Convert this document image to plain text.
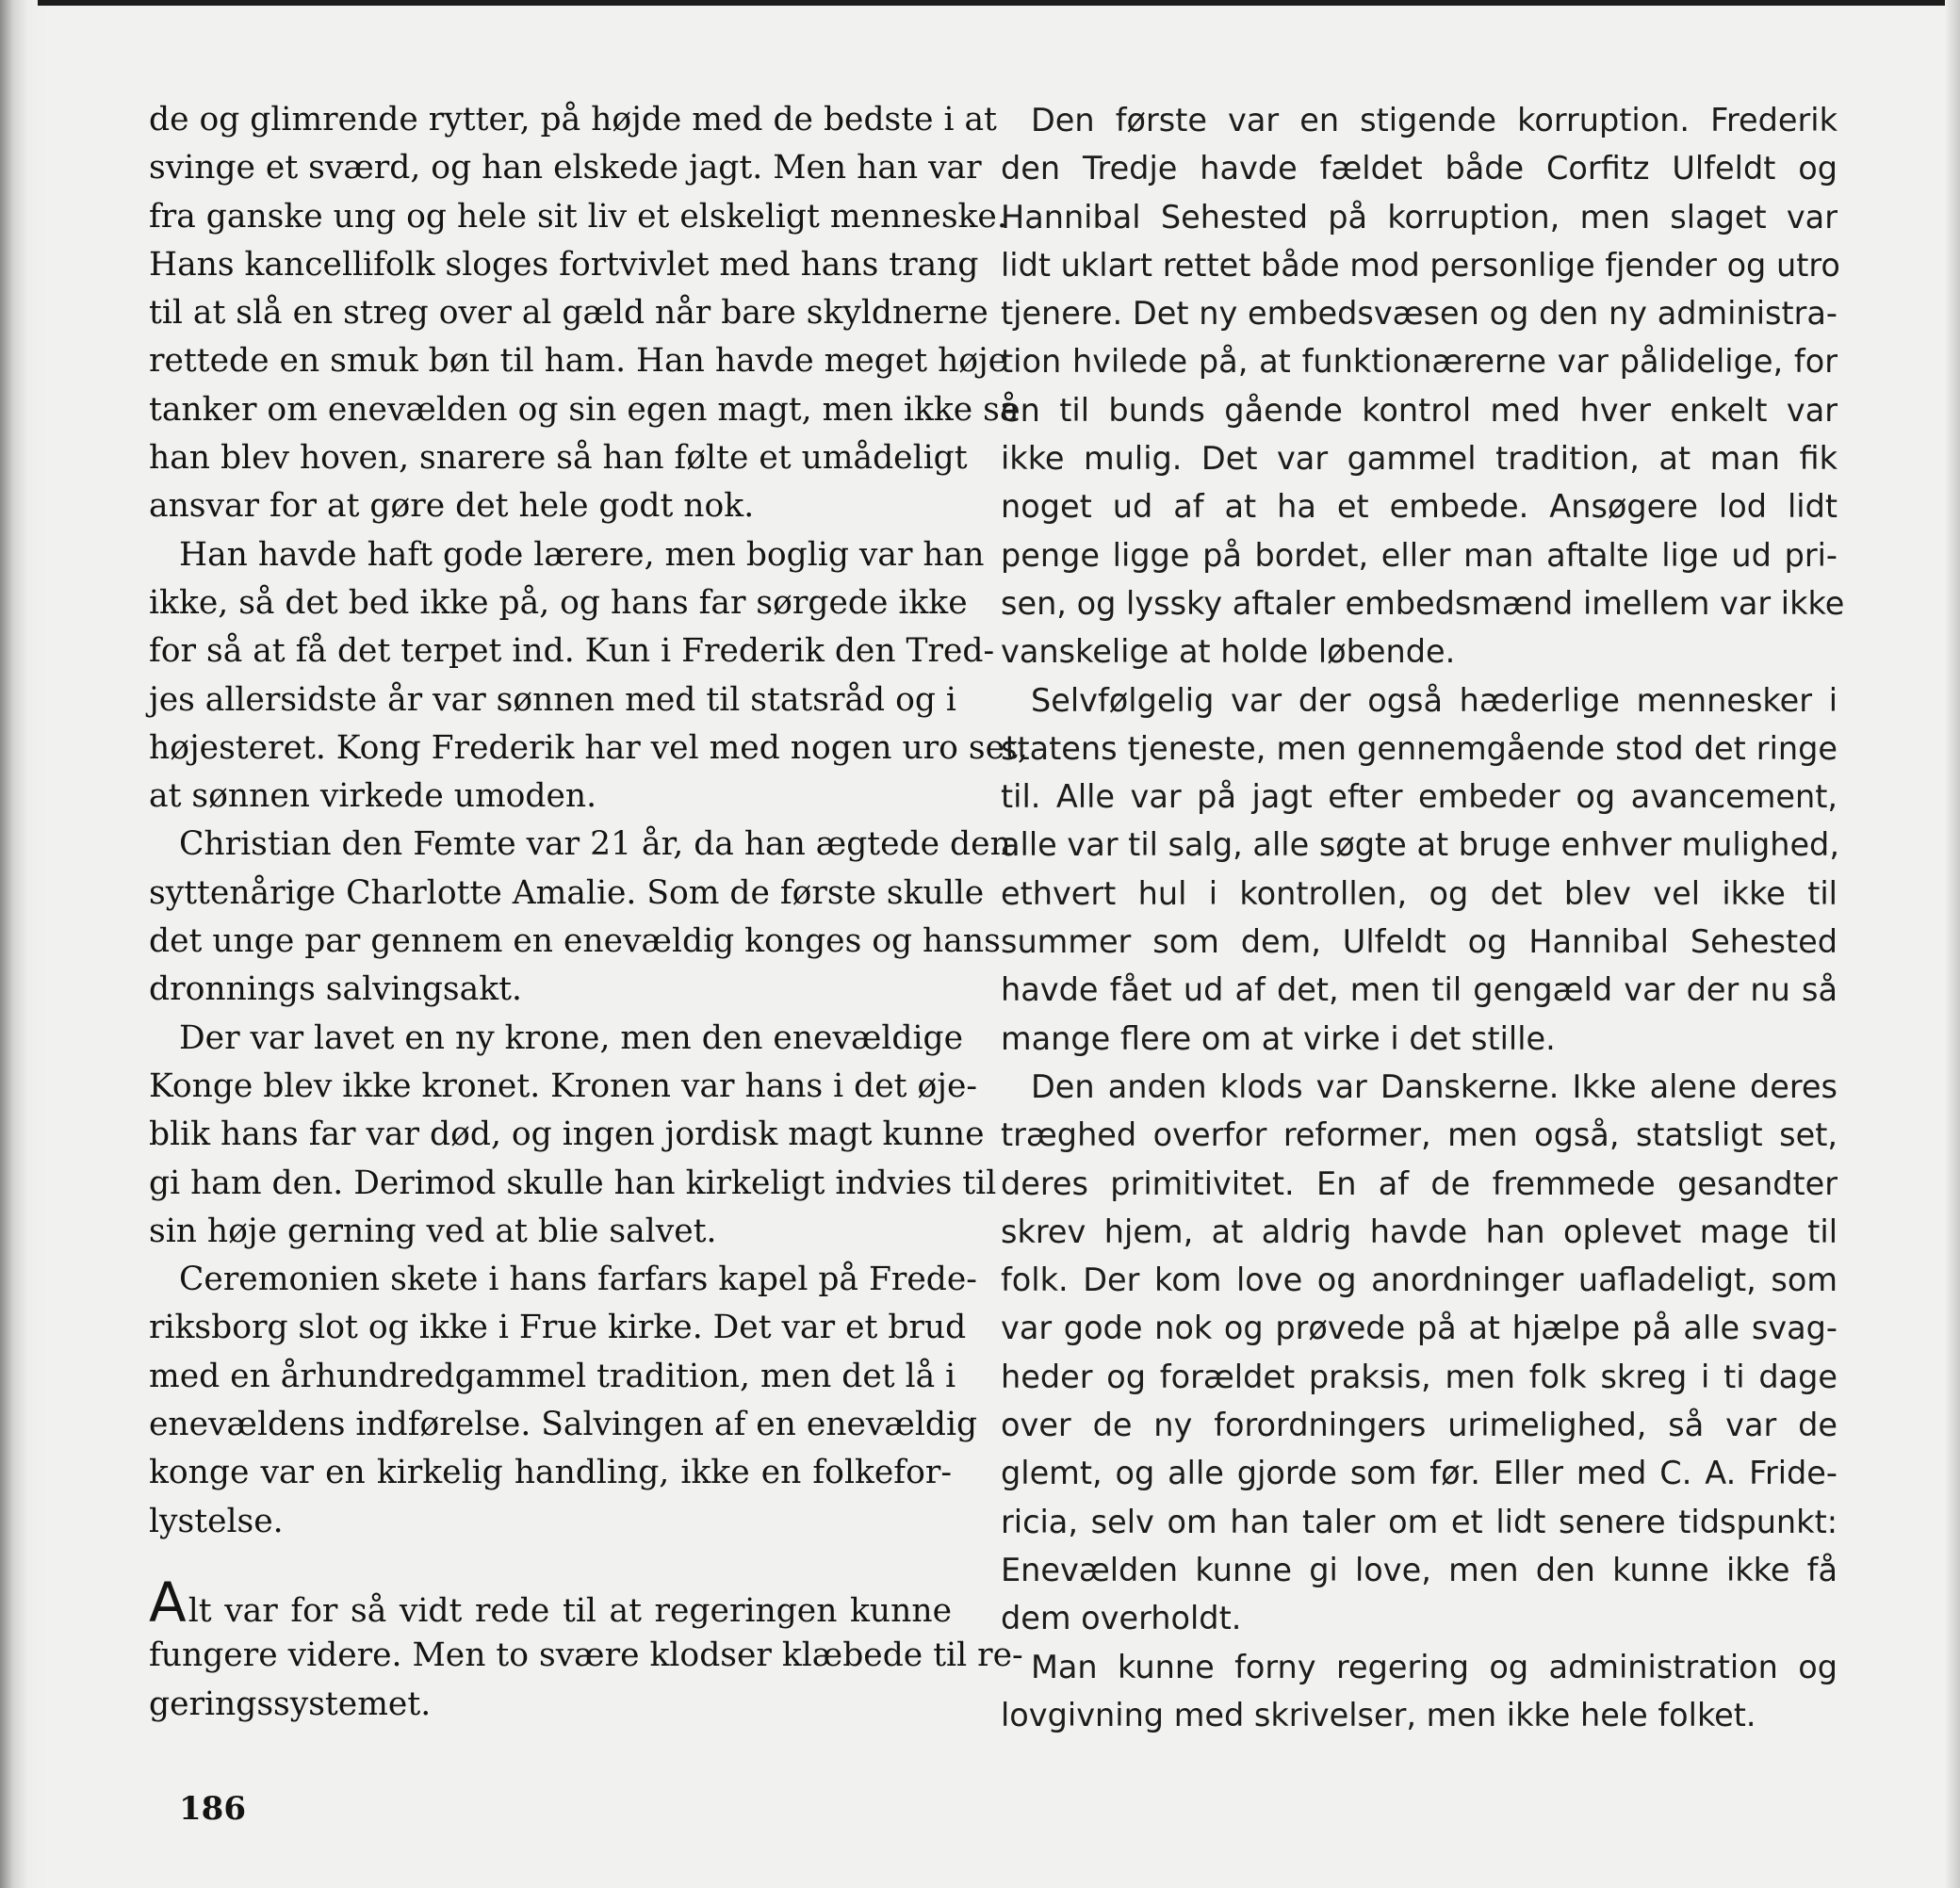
de og glimrende rytter, på højde med de bedste i at
svinge et sværd, og han elskede jagt. Men han var
fra ganske ung og hele sit liv et elskeligt menneske.
Hans kancellifolk sloges fortvivlet med hans trang
til at slå en streg over al gæld når bare skyldnerne
rettede en smuk bøn til ham. Han havde meget høje
tanker om enevælden og sin egen magt, men ikke så
han blev hoven, snarere så han følte et umådeligt
ansvar for at gøre det hele godt nok.
Han havde haft gode lærere, men boglig var han
ikke, så det bed ikke på, og hans far sørgede ikke
for så at få det terpet ind. Kun i Frederik den Tred-
jes allersidste år var sønnen med til statsråd og i
højesteret. Kong Frederik har vel med nogen uro set,
at sønnen virkede umoden.
Christian den Femte var 21 år, da han ægtede den
syttenårige Charlotte Amalie. Som de første skulle
det unge par gennem en enevældig konges og hans
dronnings salvingsakt.
Der var lavet en ny krone, men den enevældige
Konge blev ikke kronet. Kronen var hans i det øje-
blik hans far var død, og ingen jordisk magt kunne
gi ham den. Derimod skulle han kirkeligt indvies til
sin høje gerning ved at blie salvet.
Ceremonien skete i hans farfars kapel på Frede-
riksborg slot og ikke i Frue kirke. Det var et brud
med en århundredgammel tradition, men det lå i
enevældens indførelse. Salvingen af en enevældig
konge var en kirkelig handling, ikke en folkefor-
lystelse.
Alt var for så vidt rede til at regeringen kunne
fungere videre. Men to svære klodser klæbede til re-
geringssystemet.
Den første var en stigende korruption. Frederik
den Tredje havde fældet både Corfitz Ulfeldt og
Hannibal Sehested på korruption, men slaget var
lidt uklart rettet både mod personlige fjender og utro
tjenere. Det ny embedsvæsen og den ny administra-
tion hvilede på, at funktionærerne var pålidelige, for
en til bunds gående kontrol med hver enkelt var
ikke mulig. Det var gammel tradition, at man fik
noget ud af at ha et embede. Ansøgere lod lidt
penge ligge på bordet, eller man aftalte lige ud pri-
sen, og lyssky aftaler embedsmænd imellem var ikke
vanskelige at holde løbende.
Selvfølgelig var der også hæderlige mennesker i
statens tjeneste, men gennemgående stod det ringe
til. Alle var på jagt efter embeder og avancement,
alle var til salg, alle søgte at bruge enhver mulighed,
ethvert hul i kontrollen, og det blev vel ikke til
summer som dem, Ulfeldt og Hannibal Sehested
havde fået ud af det, men til gengæld var der nu så
mange flere om at virke i det stille.
Den anden klods var Danskerne. Ikke alene deres
træghed overfor reformer, men også, statsligt set,
deres primitivitet. En af de fremmede gesandter
skrev hjem, at aldrig havde han oplevet mage til
folk. Der kom love og anordninger uafladeligt, som
var gode nok og prøvede på at hjælpe på alle svag-
heder og forældet praksis, men folk skreg i ti dage
over de ny forordningers urimelighed, så var de
glemt, og alle gjorde som før. Eller med C. A. Fride-
ricia, selv om han taler om et lidt senere tidspunkt:
Enevælden kunne gi love, men den kunne ikke få
dem overholdt.
Man kunne forny regering og administration og
lovgivning med skrivelser, men ikke hele folket.
186
